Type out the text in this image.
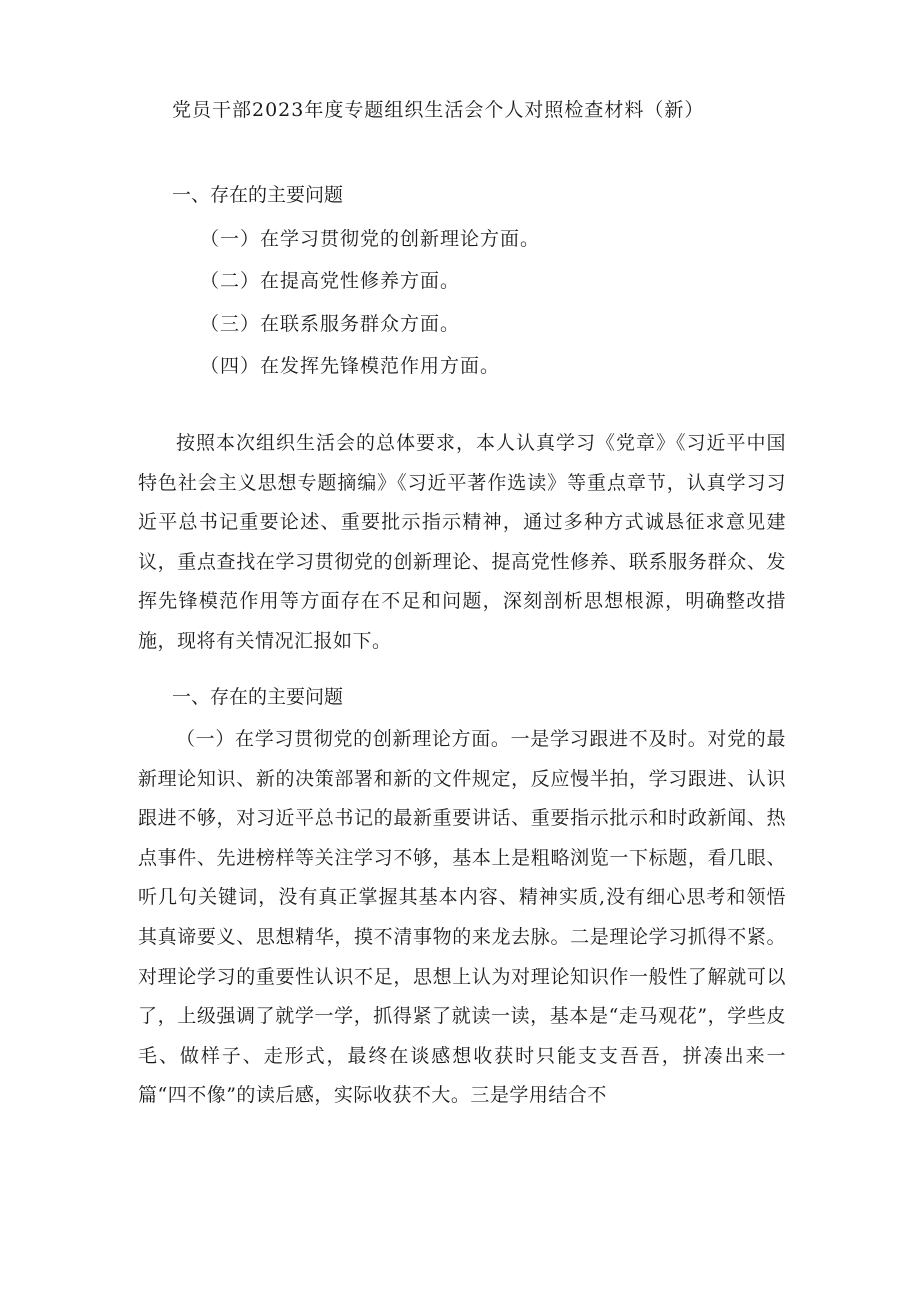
党员干部2023年度专题组织生活会个人对照检查材料（新）

一、存在的主要问题

（一）在学习贯彻党的创新理论方面。

（二）在提高党性修养方面。

（三）在联系服务群众方面。

（四）在发挥先锋模范作用方面。

按照本次组织生活会的总体要求，本人认真学习《党章》《习近平中国特色社会主义思想专题摘编》《习近平著作选读》等重点章节，认真学习习近平总书记重要论述、重要批示指示精神，通过多种方式诚恳征求意见建议，重点查找在学习贯彻党的创新理论、提高党性修养、联系服务群众、发挥先锋模范作用等方面存在不足和问题，深刻剖析思想根源，明确整改措施，现将有关情况汇报如下。

一、存在的主要问题

（一）在学习贯彻党的创新理论方面。一是学习跟进不及时。对党的最新理论知识、新的决策部署和新的文件规定，反应慢半拍，学习跟进、认识跟进不够，对习近平总书记的最新重要讲话、重要指示批示和时政新闻、热点事件、先进榜样等关注学习不够，基本上是粗略浏览一下标题，看几眼、听几句关键词，没有真正掌握其基本内容、精神实质,没有细心思考和领悟其真谛要义、思想精华，摸不清事物的来龙去脉。二是理论学习抓得不紧。对理论学习的重要性认识不足，思想上认为对理论知识作一般性了解就可以了，上级强调了就学一学，抓得紧了就读一读，基本是“走马观花”，学些皮毛、做样子、走形式，最终在谈感想收获时只能支支吾吾，拼凑出来一篇“四不像”的读后感，实际收获不大。三是学用结合不
